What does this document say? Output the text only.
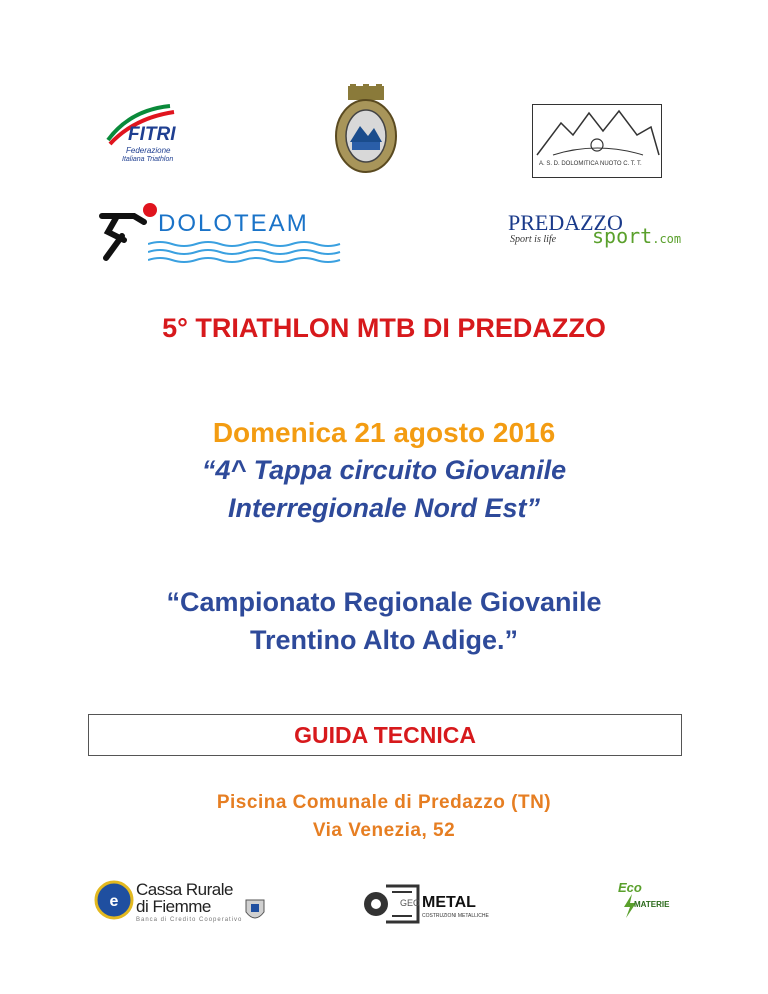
FITRI
Federazione
Italiana Triathlon
A. S. D. DOLOMITICA NUOTO C. T. T.
DOLOTEAM	PREDAZZO
Sport is life sport.com
5° TRIATHLON MTB DI PREDAZZO
Domenica 21 agosto 2016
“4^ Tappa circuito Giovanile
Interregionale Nord Est”
“Campionato Regionale Giovanile
Trentino Alto Adige.”
GUIDA TECNICA
Piscina Comunale di Predazzo (TN)
Via Venezia, 52
e
Cassa Rurale
di Fiemme
Banca di Credito Cooperativo
GEO METAL
COSTRUZIONI METALLICHE
Eco
MATERIE
